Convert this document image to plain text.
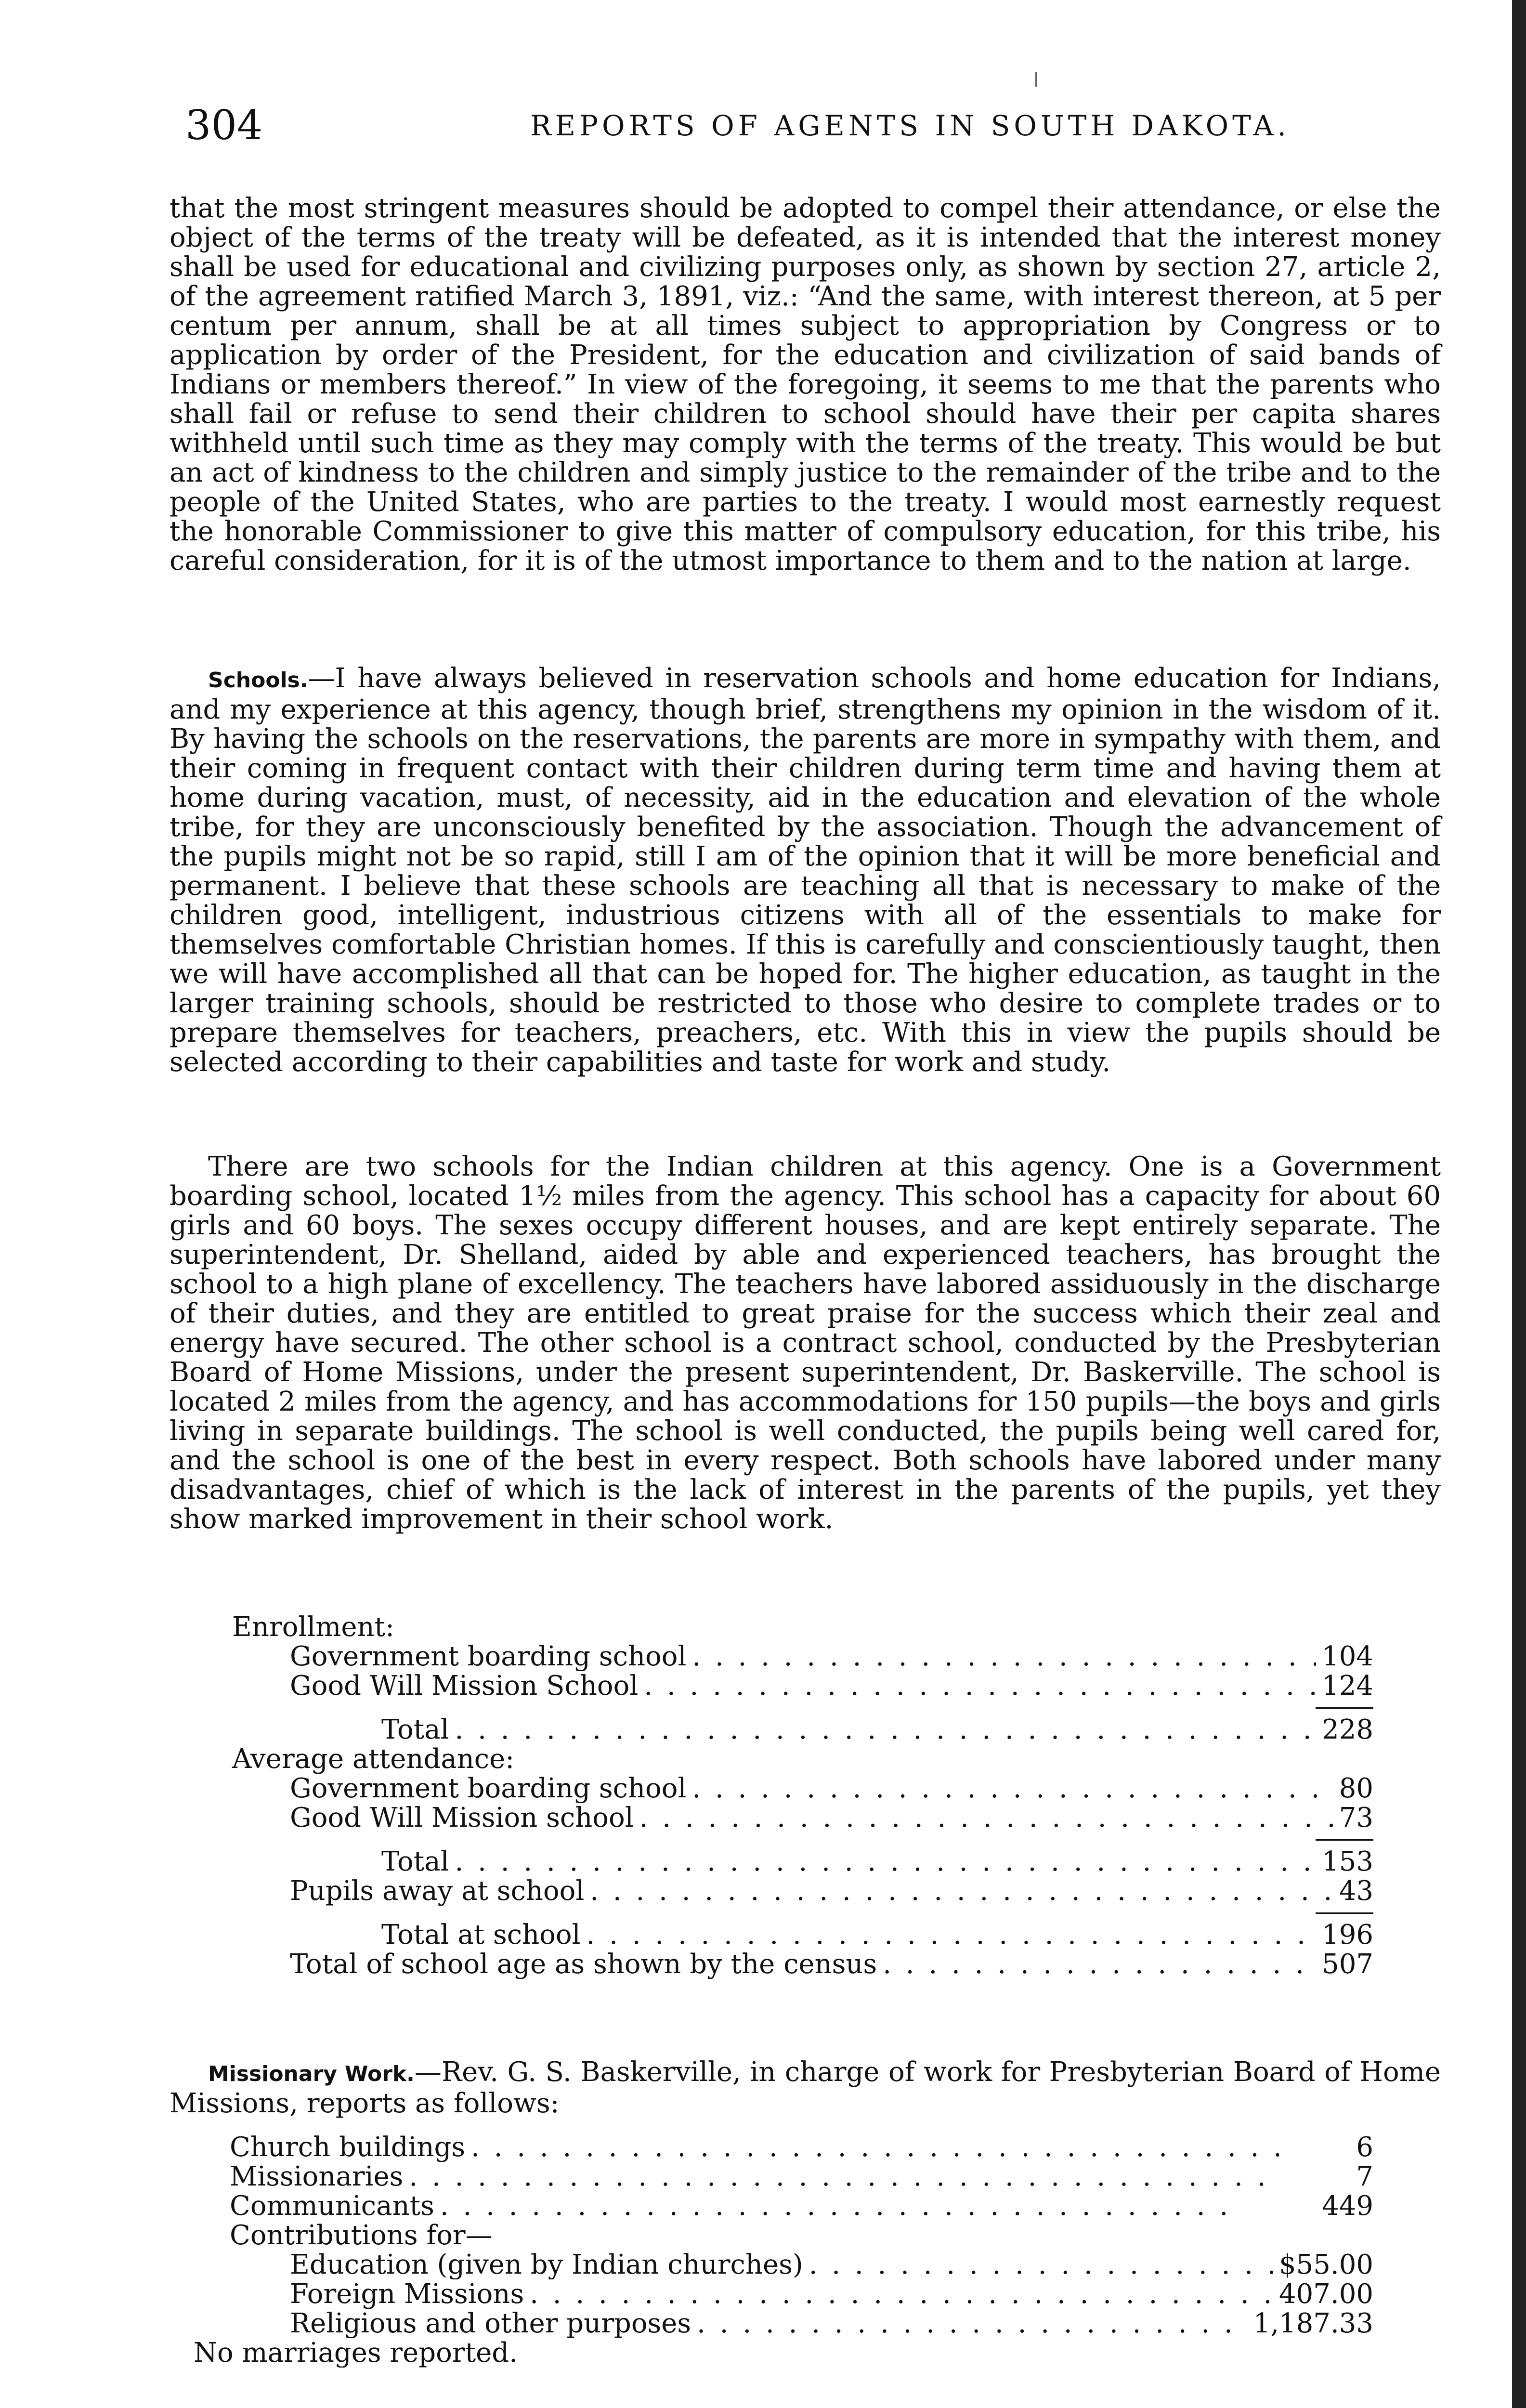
304	REPORTS OF AGENTS IN SOUTH DAKOTA.

that the most stringent measures should be adopted to compel their attendance, or else the object of the terms of the treaty will be defeated, as it is intended that the interest money shall be used for educational and civilizing purposes only, as shown by section 27, article 2, of the agreement ratified March 3, 1891, viz.: “And the same, with interest thereon, at 5 per centum per annum, shall be at all times subject to appropriation by Congress or to application by order of the President, for the education and civilization of said bands of Indians or members thereof.” In view of the foregoing, it seems to me that the parents who shall fail or refuse to send their children to school should have their per capita shares withheld until such time as they may comply with the terms of the treaty. This would be but an act of kindness to the children and simply justice to the remainder of the tribe and to the people of the United States, who are parties to the treaty. I would most earnestly request the honorable Commissioner to give this matter of compulsory education, for this tribe, his careful consideration, for it is of the utmost importance to them and to the nation at large.

Schools.—I have always believed in reservation schools and home education for Indians, and my experience at this agency, though brief, strengthens my opinion in the wisdom of it. By having the schools on the reservations, the parents are more in sympathy with them, and their coming in frequent contact with their children during term time and having them at home during vacation, must, of necessity, aid in the education and elevation of the whole tribe, for they are unconsciously benefited by the association. Though the advancement of the pupils might not be so rapid, still I am of the opinion that it will be more beneficial and permanent. I believe that these schools are teaching all that is necessary to make of the children good, intelligent, industrious citizens with all of the essentials to make for themselves comfortable Christian homes. If this is carefully and conscientiously taught, then we will have accomplished all that can be hoped for. The higher education, as taught in the larger training schools, should be restricted to those who desire to complete trades or to prepare themselves for teachers, preachers, etc. With this in view the pupils should be selected according to their capabilities and taste for work and study.

There are two schools for the Indian children at this agency. One is a Government boarding school, located 1½ miles from the agency. This school has a capacity for about 60 girls and 60 boys. The sexes occupy different houses, and are kept entirely separate. The superintendent, Dr. Shelland, aided by able and experienced teachers, has brought the school to a high plane of excellency. The teachers have labored assiduously in the discharge of their duties, and they are entitled to great praise for the success which their zeal and energy have secured. The other school is a contract school, conducted by the Presbyterian Board of Home Missions, under the present superintendent, Dr. Baskerville. The school is located 2 miles from the agency, and has accommodations for 150 pupils—the boys and girls living in separate buildings. The school is well conducted, the pupils being well cared for, and the school is one of the best in every respect. Both schools have labored under many disadvantages, chief of which is the lack of interest in the parents of the pupils, yet they show marked improvement in their school work.

Enrollment:
Government boarding school . . .	104
Good Will Mission School . . .	124
Total . . .	228
Average attendance:
Government boarding school . . .	80
Good Will Mission school . . .	73
Total . . .	153
Pupils away at school . . .	43
Total at school . . .	196
Total of school age as shown by the census . . .	507

Missionary Work.—Rev. G. S. Baskerville, in charge of work for Presbyterian Board of Home Missions, reports as follows:

Church buildings . . .	6
Missionaries . . .	7
Communicants . . .	449
Contributions for—
Education (given by Indian churches) . . .	$55.00
Foreign Missions . . .	407.00
Religious and other purposes . . .	1,187.33
No marriages reported.
